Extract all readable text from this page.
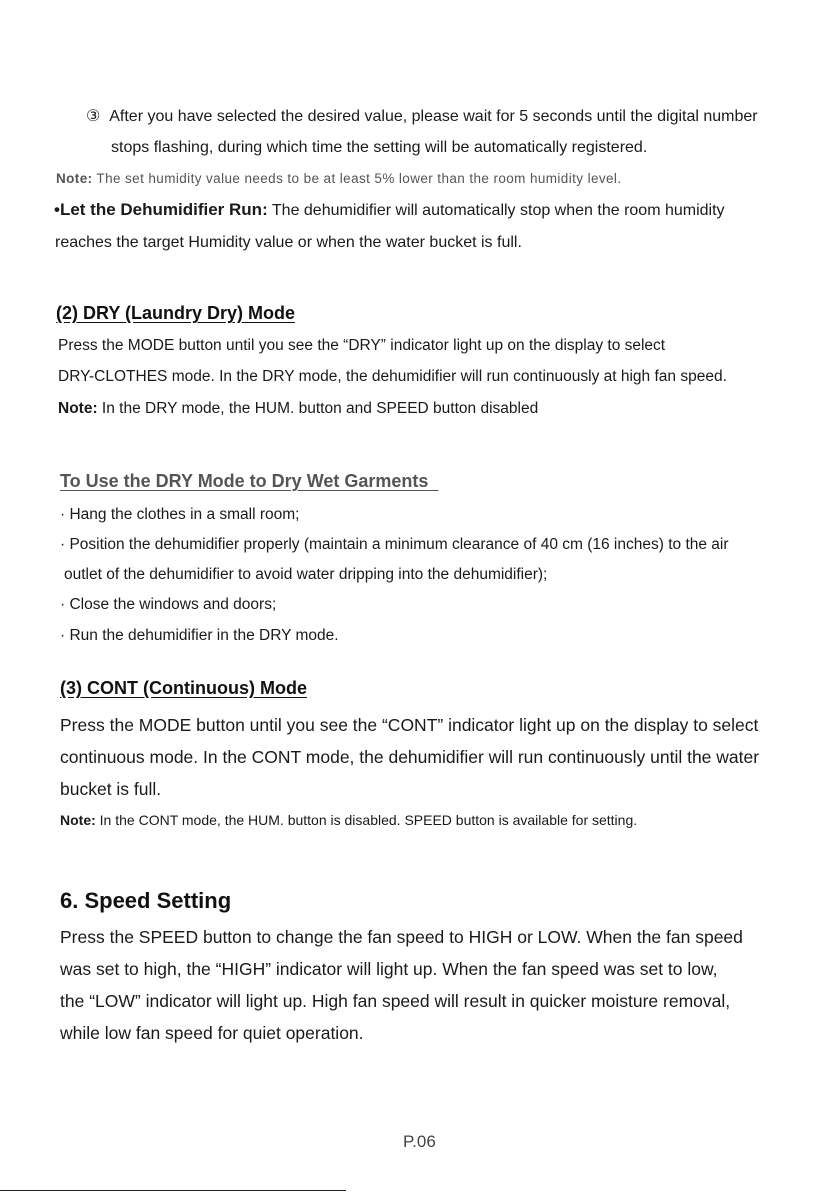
③ After you have selected the desired value, please wait for 5 seconds until the digital number
stops flashing, during which time the setting will be automatically registered.
Note: The set humidity value needs to be at least 5% lower than the room humidity level.
•Let the Dehumidifier Run: The dehumidifier will automatically stop when the room humidity
reaches the target Humidity value or when the water bucket is full.
(2) DRY (Laundry Dry) Mode
Press the MODE button until you see the “DRY” indicator light up on the display to select
DRY-CLOTHES mode. In the DRY mode, the dehumidifier will run continuously at high fan speed.
Note: In the DRY mode, the HUM. button and SPEED button disabled
To Use the DRY Mode to Dry Wet Garments
· Hang the clothes in a small room;
· Position the dehumidifier properly (maintain a minimum clearance of 40 cm (16 inches) to the air
outlet of the dehumidifier to avoid water dripping into the dehumidifier);
· Close the windows and doors;
· Run the dehumidifier in the DRY mode.
(3) CONT (Continuous) Mode
Press the MODE button until you see the “CONT” indicator light up on the display to select
continuous mode. In the CONT mode, the dehumidifier will run continuously until the water
bucket is full.
Note: In the CONT mode, the HUM. button is disabled. SPEED button is available for setting.
6. Speed Setting
Press the SPEED button to change the fan speed to HIGH or LOW. When the fan speed
was set to high, the “HIGH” indicator will light up. When the fan speed was set to low,
the “LOW” indicator will light up. High fan speed will result in quicker moisture removal,
while low fan speed for quiet operation.
P.06
